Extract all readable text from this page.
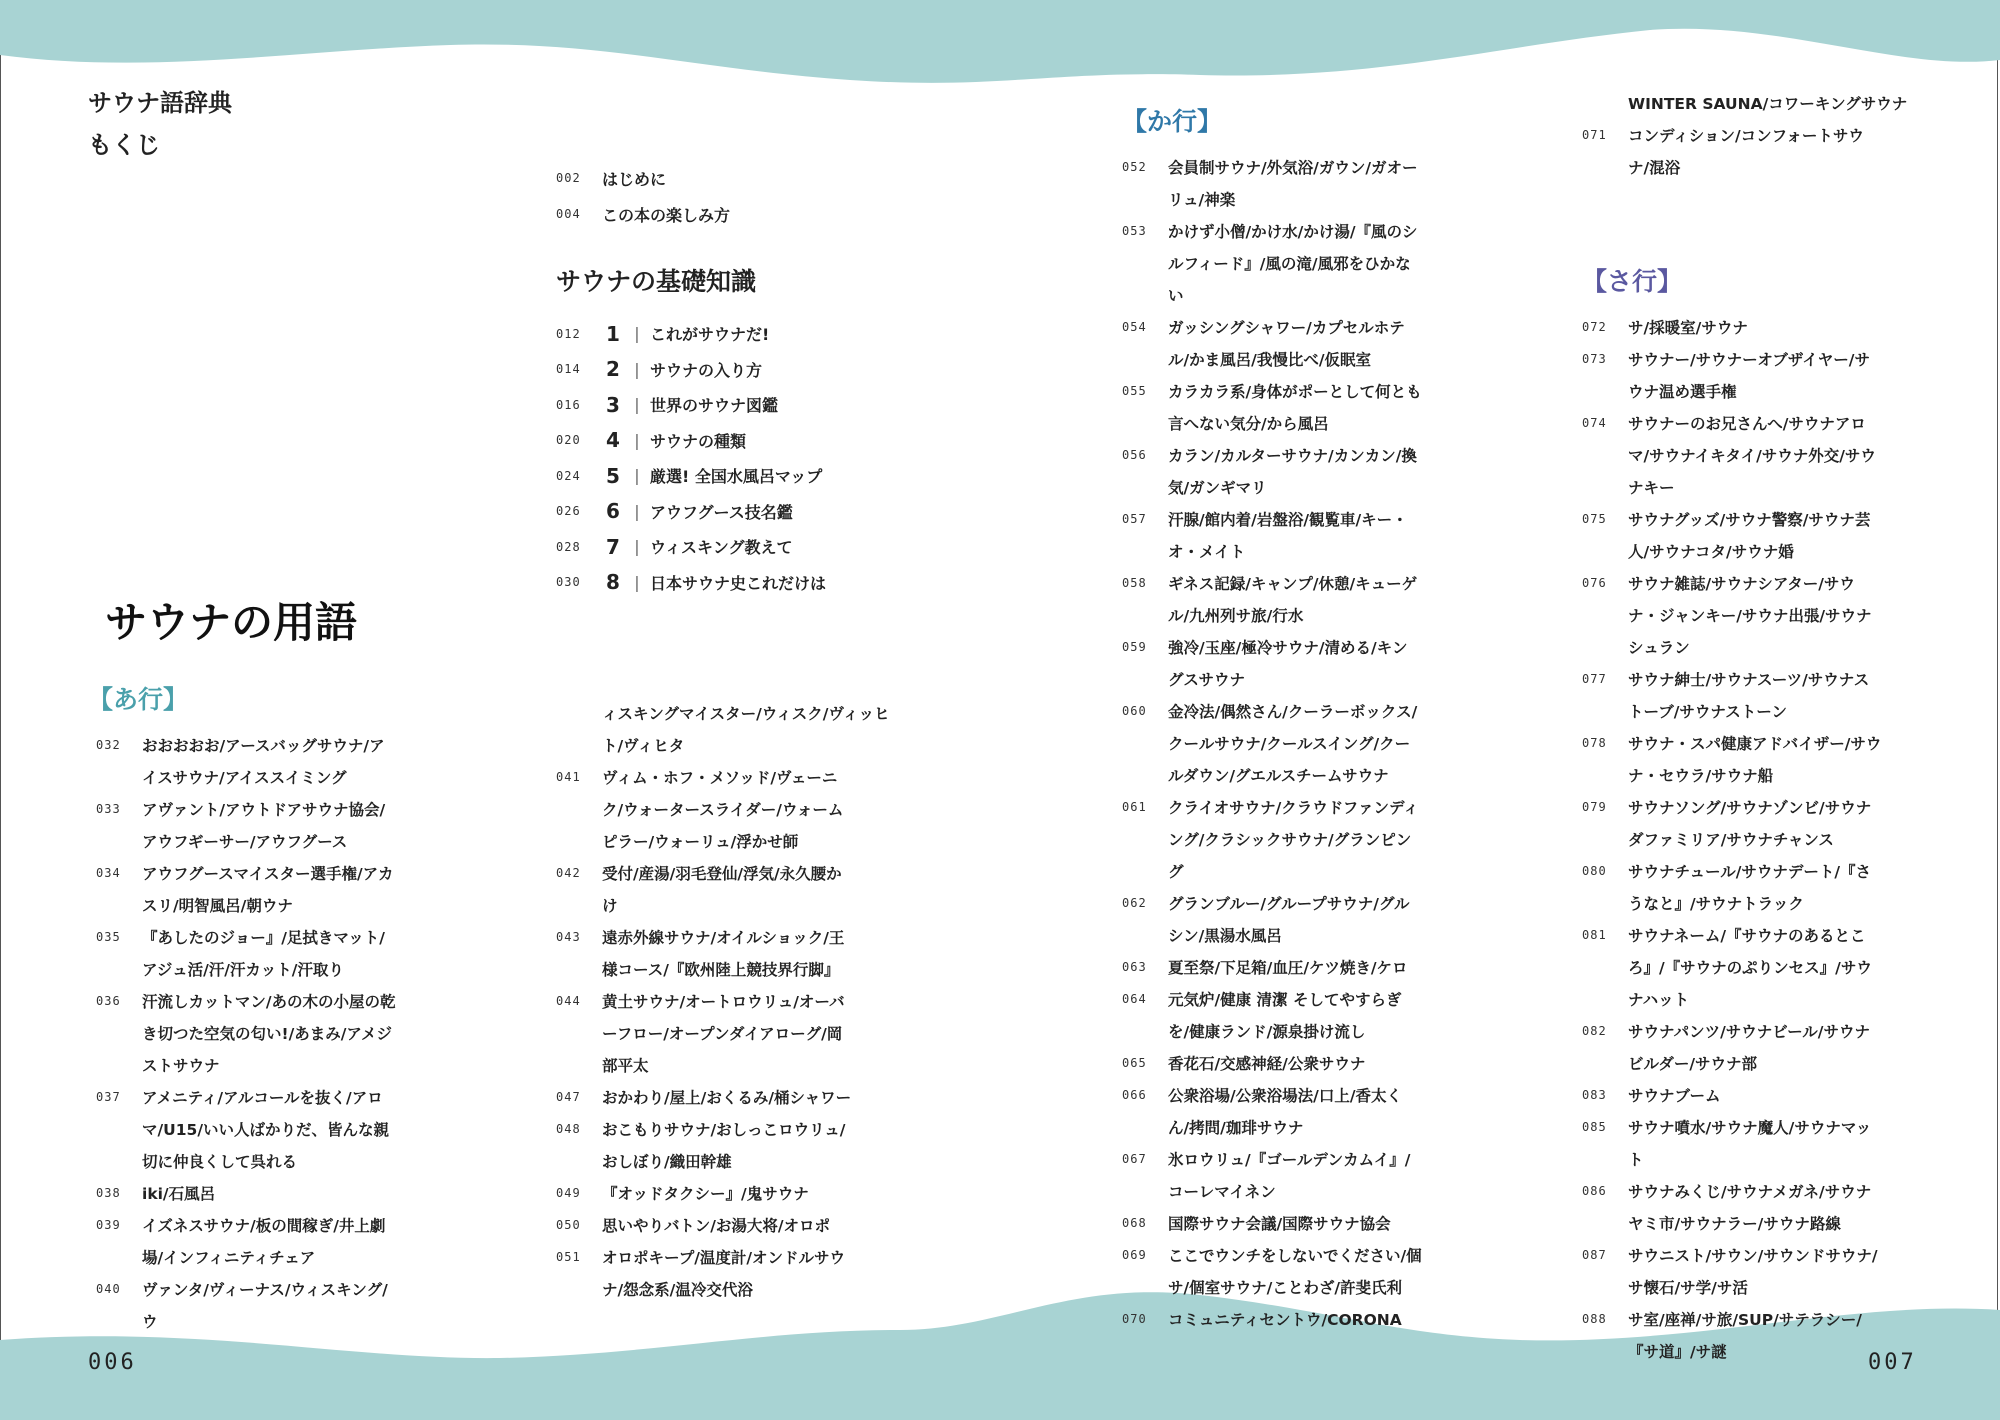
サウナ語辞典
もくじ
002	はじめに
004	この本の楽しみ方
サウナの基礎知識
012	1 | これがサウナだ!
014	2 | サウナの入り方
016	3 | 世界のサウナ図鑑
020	4 | サウナの種類
024	5 | 厳選! 全国水風呂マップ
026	6 | アウフグース技名鑑
028	7 | ウィスキング教えて
030	8 | 日本サウナ史これだけは
サウナの用語
【あ行】
【か行】
【さ行】
032	おおおおお/アースバッグサウナ/アイスサウナ/アイススイミング
033	アヴァント/アウトドアサウナ協会/アウフギーサー/アウフグース
034	アウフグースマイスター選手権/アカスリ/明智風呂/朝ウナ
035	『あしたのジョー』/足拭きマット/アジュ活/汗/汗カット/汗取り
036	汗流しカットマン/あの木の小屋の乾き切つた空気の匂い!/あまみ/アメジストサウナ
037	アメニティ/アルコールを抜く/アロマ/U15/いい人ばかりだ、皆んな親切に仲良くして呉れる
038	iki/石風呂
039	イズネスサウナ/板の間稼ぎ/井上劇場/インフィニティチェア
040	ヴァンタ/ヴィーナス/ウィスキング/ウ
ィスキングマイスター/ウィスク/ヴィッヒト/ヴィヒタ
041	ヴィム・ホフ・メソッド/ヴェーニク/ウォータースライダー/ウォームピラー/ウォーリュ/浮かせ師
042	受付/産湯/羽毛登仙/浮気/永久腰かけ
043	遠赤外線サウナ/オイルショック/王様コース/『欧州陸上競技界行脚』
044	黄土サウナ/オートロウリュ/オーバーフロー/オープンダイアローグ/岡部平太
047	おかわり/屋上/おくるみ/桶シャワー
048	おこもりサウナ/おしっこロウリュ/おしぼり/織田幹雄
049	『オッドタクシー』/鬼サウナ
050	思いやりバトン/お湯大将/オロポ
051	オロポキープ/温度計/オンドルサウナ/怨念系/温冷交代浴
052	会員制サウナ/外気浴/ガウン/ガオーリュ/神楽
053	かけず小僧/かけ水/かけ湯/『風のシルフィード』/風の滝/風邪をひかない
054	ガッシングシャワー/カプセルホテル/かま風呂/我慢比べ/仮眠室
055	カラカラ系/身体がポーとして何とも言へない気分/から風呂
056	カラン/カルターサウナ/カンカン/換気/ガンギマリ
057	汗腺/館内着/岩盤浴/観覧車/キー・オ・メイト
058	ギネス記録/キャンプ/休憩/キューゲル/九州列サ旅/行水
059	強冷/玉座/極冷サウナ/清める/キングスサウナ
060	金冷法/偶然さん/クーラーボックス/クールサウナ/クールスイング/クールダウン/グエルスチームサウナ
061	クライオサウナ/クラウドファンディング/クラシックサウナ/グランピング
062	グランブルー/グループサウナ/グルシン/黒湯水風呂
063	夏至祭/下足箱/血圧/ケツ焼き/ケロ
064	元気炉/健康 清潔 そしてやすらぎを/健康ランド/源泉掛け流し
065	香花石/交感神経/公衆サウナ
066	公衆浴場/公衆浴場法/口上/香太くん/拷問/珈琲サウナ
067	氷ロウリュ/『ゴールデンカムイ』/コーレマイネン
068	国際サウナ会議/国際サウナ協会
069	ここでウンチをしないでください/個サ/個室サウナ/ことわざ/許斐氏利
070	コミュニティセントウ/CORONA
WINTER SAUNA/コワーキングサウナ
071	コンディション/コンフォートサウナ/混浴
072	サ/採暖室/サウナ
073	サウナー/サウナーオブザイヤー/サウナ温め選手権
074	サウナーのお兄さんへ/サウナアロマ/サウナイキタイ/サウナ外交/サウナキー
075	サウナグッズ/サウナ警察/サウナ芸人/サウナコタ/サウナ婚
076	サウナ雑誌/サウナシアター/サウナ・ジャンキー/サウナ出張/サウナシュラン
077	サウナ紳士/サウナスーツ/サウナストーブ/サウナストーン
078	サウナ・スパ健康アドバイザー/サウナ・セウラ/サウナ船
079	サウナソング/サウナゾンビ/サウナダファミリア/サウナチャンス
080	サウナチュール/サウナデート/『さうなと』/サウナトラック
081	サウナネーム/『サウナのあるところ』/『サウナのぷりンセス』/サウナハット
082	サウナパンツ/サウナビール/サウナビルダー/サウナ部
083	サウナブーム
085	サウナ噴水/サウナ魔人/サウナマット
086	サウナみくじ/サウナメガネ/サウナヤミ市/サウナラー/サウナ路線
087	サウニスト/サウン/サウンドサウナ/サ懐石/サ学/サ活
088	サ室/座禅/サ旅/SUP/サテラシー/『サ道』/サ謎
006	007
